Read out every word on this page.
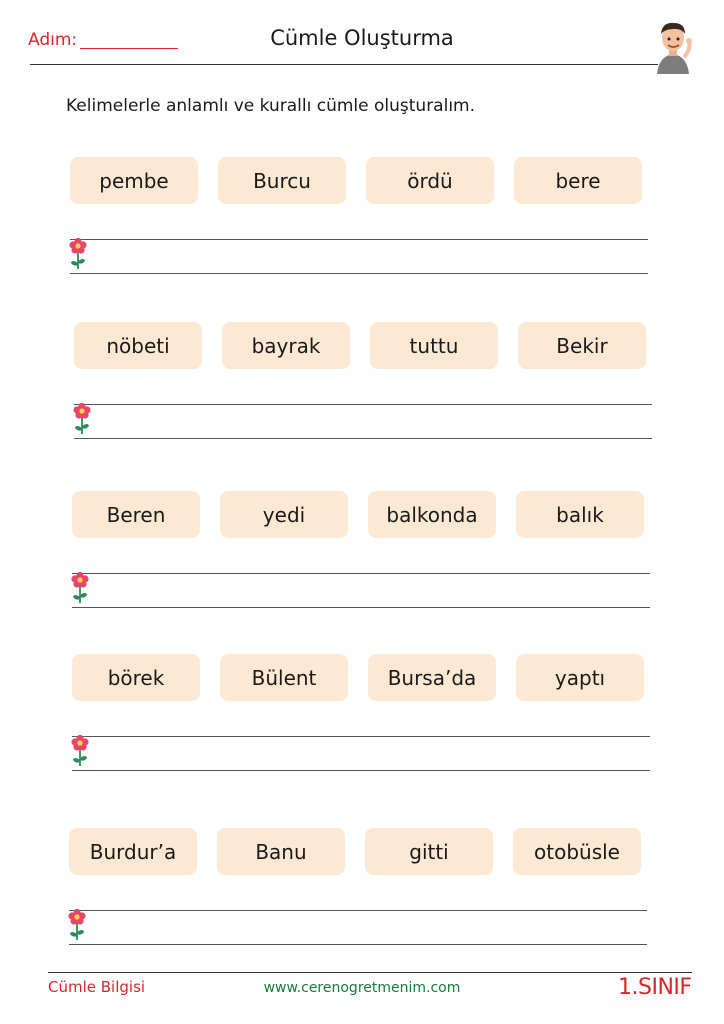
Adım:	Cümle Oluşturma
Kelimelerle anlamlı ve kurallı cümle oluşturalım.
pembe	Burcu	ördü	bere
nöbeti	bayrak	tuttu	Bekir
Beren	yedi	balkonda	balık
börek	Bülent	Bursa’da	yaptı
Burdur’a	Banu	gitti	otobüsle
Cümle Bilgisi	www.cerenogretmenim.com	1.SINIF
